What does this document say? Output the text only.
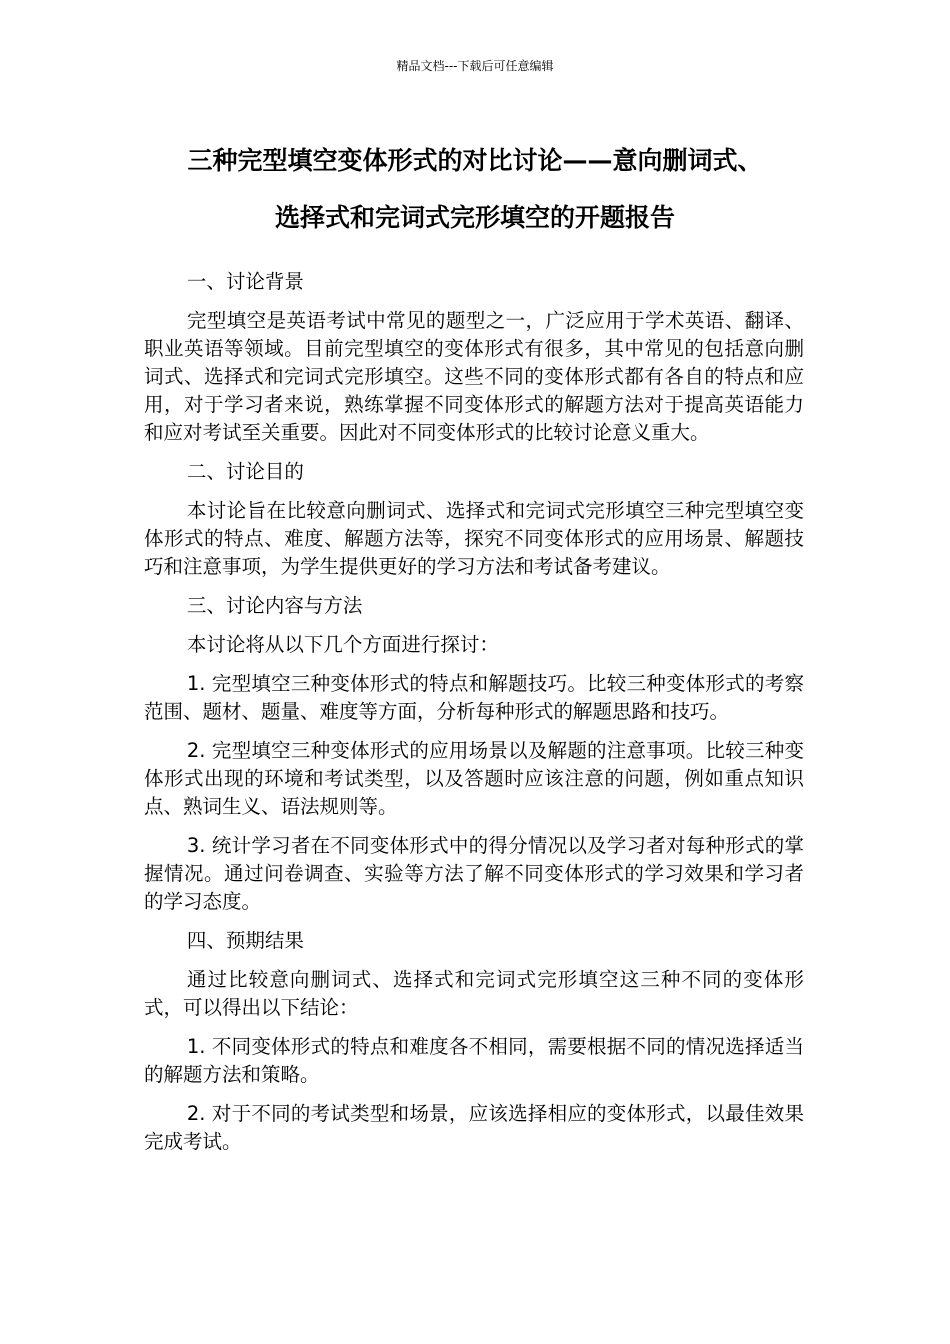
精品文档---下载后可任意编辑
三种完型填空变体形式的对比讨论——意向删词式、
选择式和完词式完形填空的开题报告

一、讨论背景

完型填空是英语考试中常见的题型之一，广泛应用于学术英语、翻译、职业英语等领域。目前完型填空的变体形式有很多，其中常见的包括意向删词式、选择式和完词式完形填空。这些不同的变体形式都有各自的特点和应用，对于学习者来说，熟练掌握不同变体形式的解题方法对于提高英语能力和应对考试至关重要。因此对不同变体形式的比较讨论意义重大。

二、讨论目的

本讨论旨在比较意向删词式、选择式和完词式完形填空三种完型填空变体形式的特点、难度、解题方法等，探究不同变体形式的应用场景、解题技巧和注意事项，为学生提供更好的学习方法和考试备考建议。

三、讨论内容与方法

本讨论将从以下几个方面进行探讨：

1. 完型填空三种变体形式的特点和解题技巧。比较三种变体形式的考察范围、题材、题量、难度等方面，分析每种形式的解题思路和技巧。

2. 完型填空三种变体形式的应用场景以及解题的注意事项。比较三种变体形式出现的环境和考试类型，以及答题时应该注意的问题，例如重点知识点、熟词生义、语法规则等。

3. 统计学习者在不同变体形式中的得分情况以及学习者对每种形式的掌握情况。通过问卷调查、实验等方法了解不同变体形式的学习效果和学习者的学习态度。

四、预期结果

通过比较意向删词式、选择式和完词式完形填空这三种不同的变体形式，可以得出以下结论：

1. 不同变体形式的特点和难度各不相同，需要根据不同的情况选择适当的解题方法和策略。

2. 对于不同的考试类型和场景，应该选择相应的变体形式，以最佳效果完成考试。
